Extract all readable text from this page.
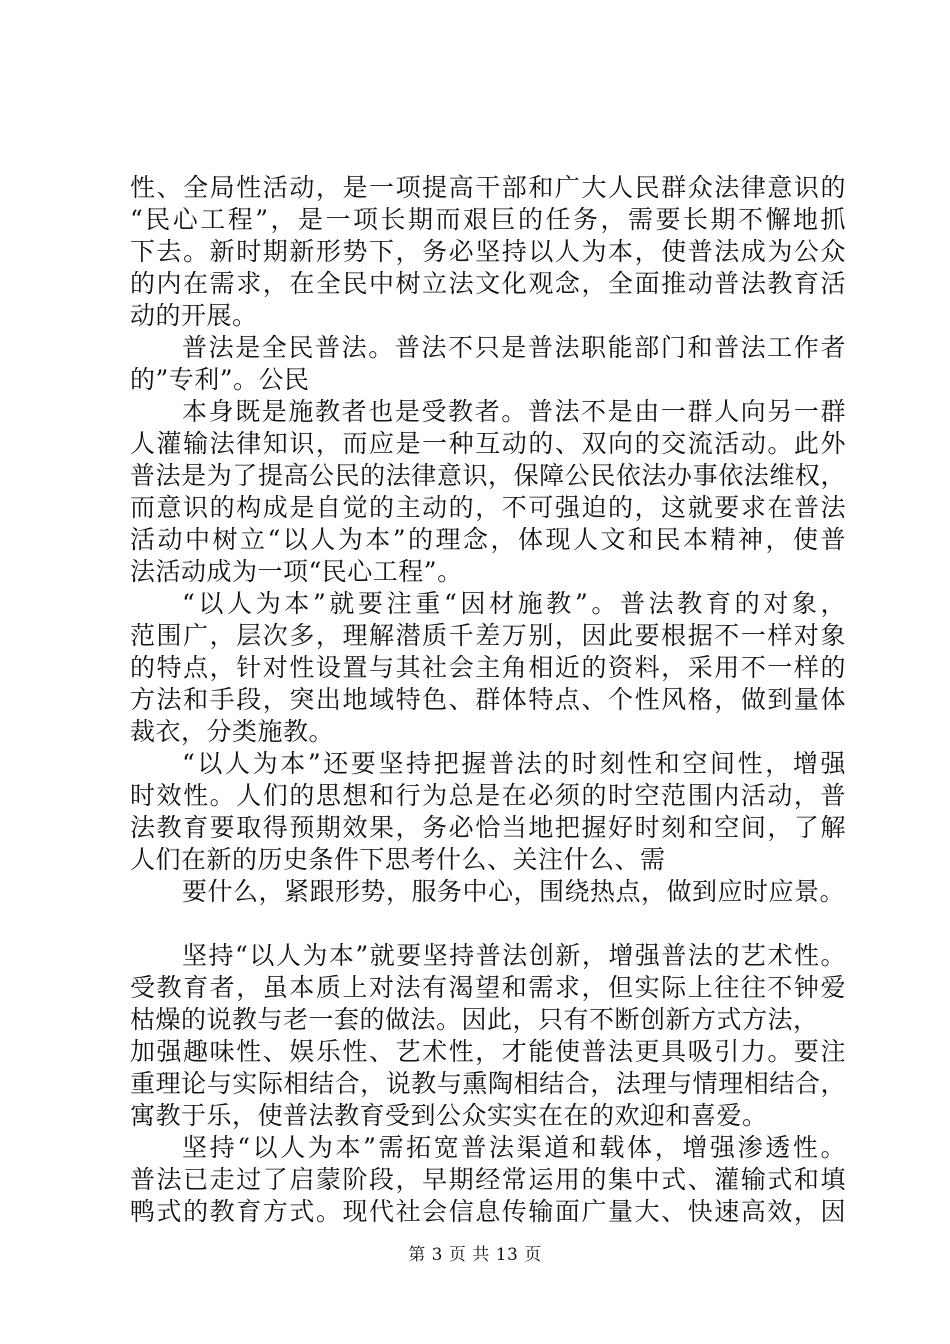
性、全局性活动，是一项提高干部和广大人民群众法律意识的
“民心工程”，是一项长期而艰巨的任务，需要长期不懈地抓
下去。新时期新形势下，务必坚持以人为本，使普法成为公众
的内在需求，在全民中树立法文化观念，全面推动普法教育活
动的开展。
普法是全民普法。普法不只是普法职能部门和普法工作者
的”专利”。公民
本身既是施教者也是受教者。普法不是由一群人向另一群
人灌输法律知识，而应是一种互动的、双向的交流活动。此外
普法是为了提高公民的法律意识，保障公民依法办事依法维权，
而意识的构成是自觉的主动的，不可强迫的，这就要求在普法
活动中树立“以人为本”的理念，体现人文和民本精神，使普
法活动成为一项“民心工程”。
“以人为本”就要注重“因材施教”。普法教育的对象，
范围广，层次多，理解潜质千差万别，因此要根据不一样对象
的特点，针对性设置与其社会主角相近的资料，采用不一样的
方法和手段，突出地域特色、群体特点、个性风格，做到量体
裁衣，分类施教。
“以人为本”还要坚持把握普法的时刻性和空间性，增强
时效性。人们的思想和行为总是在必须的时空范围内活动，普
法教育要取得预期效果，务必恰当地把握好时刻和空间，了解
人们在新的历史条件下思考什么、关注什么、需
要什么，紧跟形势，服务中心，围绕热点，做到应时应景。
坚持“以人为本”就要坚持普法创新，增强普法的艺术性。
受教育者，虽本质上对法有渴望和需求，但实际上往往不钟爱
枯燥的说教与老一套的做法。因此，只有不断创新方式方法，
加强趣味性、娱乐性、艺术性，才能使普法更具吸引力。要注
重理论与实际相结合，说教与熏陶相结合，法理与情理相结合，
寓教于乐，使普法教育受到公众实实在在的欢迎和喜爱。
坚持“以人为本”需拓宽普法渠道和载体，增强渗透性。
普法已走过了启蒙阶段，早期经常运用的集中式、灌输式和填
鸭式的教育方式。现代社会信息传输面广量大、快速高效，因
第 3 页 共 13 页
